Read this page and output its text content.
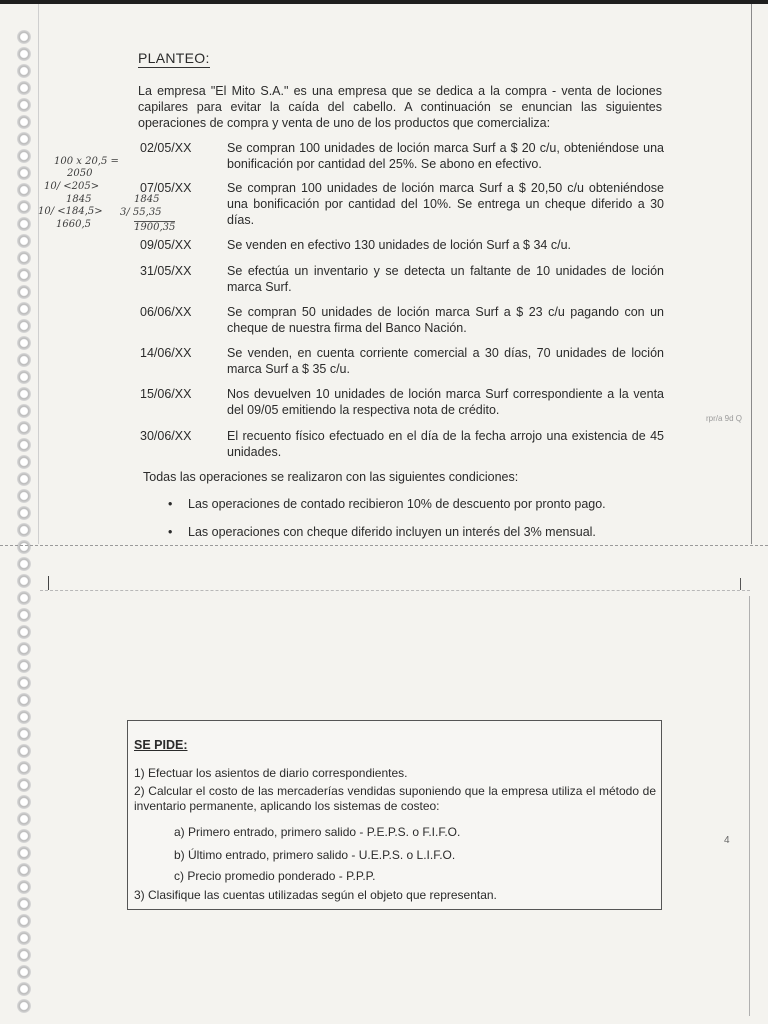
PLANTEO:
La empresa "El Mito S.A." es una empresa que se dedica a la compra - venta de lociones capilares para evitar la caída del cabello. A continuación se enuncian las siguientes operaciones de compra y venta de uno de los productos que comercializa:
02/05/XX	Se compran 100 unidades de loción marca Surf a $ 20 c/u, obteniéndose una bonificación por cantidad del 25%. Se abono en efectivo.
07/05/XX	Se compran 100 unidades de loción marca Surf a $ 20,50 c/u obteniéndose una bonificación por cantidad del 10%. Se entrega un cheque diferido a 30 días.
09/05/XX	Se venden en efectivo 130 unidades de loción Surf a $ 34 c/u.
31/05/XX	Se efectúa un inventario y se detecta un faltante de 10 unidades de loción marca Surf.
06/06/XX	Se compran 50 unidades de loción marca Surf a $ 23 c/u pagando con un cheque de nuestra firma del Banco Nación.
14/06/XX	Se venden, en cuenta corriente comercial a 30 días, 70 unidades de loción marca Surf a $ 35 c/u.
15/06/XX	Nos devuelven 10 unidades de loción marca Surf correspondiente a la venta del 09/05 emitiendo la respectiva nota de crédito.
30/06/XX	El recuento físico efectuado en el día de la fecha arrojo una existencia de 45 unidades.
Todas las operaciones se realizaron con las siguientes condiciones:
• Las operaciones de contado recibieron 10% de descuento por pronto pago.
• Las operaciones con cheque diferido incluyen un interés del 3% mensual.
100 x 20,5 =
2050
10/ <205>
1845
10/ <184,5>
1660,5
1845
3/ 55,35
1900,35
rpr/a 9d Q
SE PIDE:
1) Efectuar los asientos de diario correspondientes.
2) Calcular el costo de las mercaderías vendidas suponiendo que la empresa utiliza el método de inventario permanente, aplicando los sistemas de costeo:
a) Primero entrado, primero salido - P.E.P.S. o F.I.F.O.
b) Último entrado, primero salido - U.E.P.S. o L.I.F.O.
c) Precio promedio ponderado - P.P.P.
3) Clasifique las cuentas utilizadas según el objeto que representan.
4
